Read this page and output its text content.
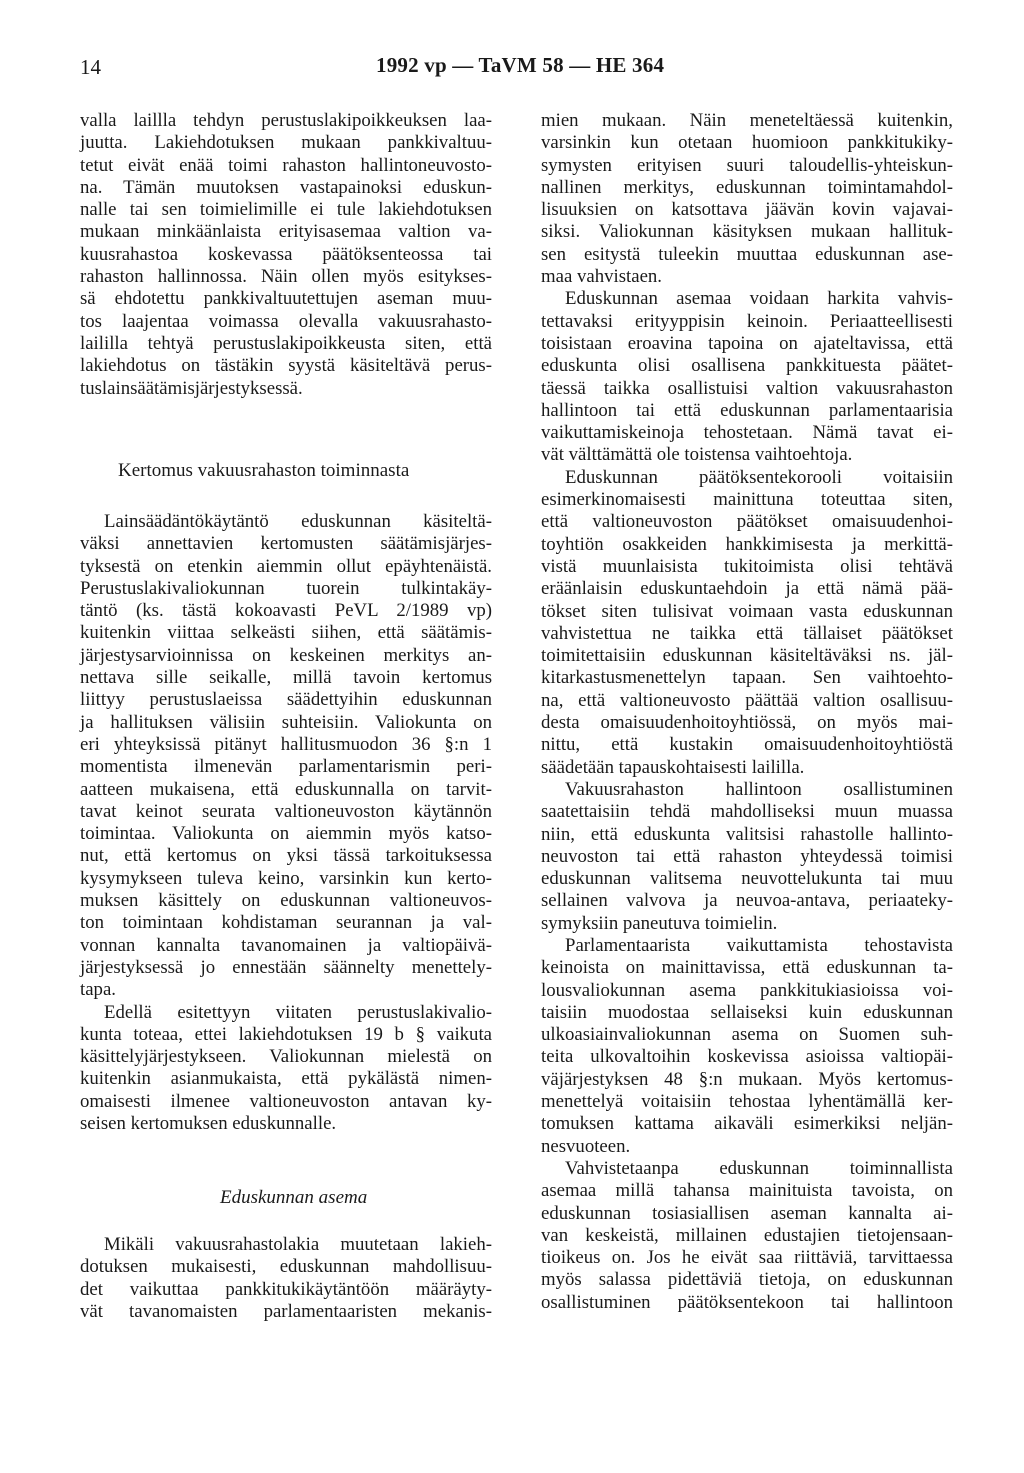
14	1992 vp — TaVM 58 — HE 364
valla laillla tehdyn perustuslakipoikkeuksen laa-
juutta. Lakiehdotuksen mukaan pankkivaltuu-
tetut eivät enää toimi rahaston hallintoneuvosto-
na. Tämän muutoksen vastapainoksi eduskun-
nalle tai sen toimielimille ei tule lakiehdotuksen
mukaan minkäänlaista erityisasemaa valtion va-
kuusrahastoa koskevassa päätöksenteossa tai
rahaston hallinnossa. Näin ollen myös esitykses-
sä ehdotettu pankkivaltuutettujen aseman muu-
tos laajentaa voimassa olevalla vakuusrahasto-
laililla tehtyä perustuslakipoikkeusta siten, että
lakiehdotus on tästäkin syystä käsiteltävä perus-
tuslainsäätämisjärjestyksessä.
Kertomus vakuusrahaston toiminnasta
Lainsäädäntökäytäntö eduskunnan käsiteltä-
väksi annettavien kertomusten säätämisjärjes-
tyksestä on etenkin aiemmin ollut epäyhtenäistä.
Perustuslakivaliokunnan tuorein tulkintakäy-
täntö (ks. tästä kokoavasti PeVL 2/1989 vp)
kuitenkin viittaa selkeästi siihen, että säätämis-
järjestysarvioinnissa on keskeinen merkitys an-
nettava sille seikalle, millä tavoin kertomus
liittyy perustuslaeissa säädettyihin eduskunnan
ja hallituksen välisiin suhteisiin. Valiokunta on
eri yhteyksissä pitänyt hallitusmuodon 36 §:n 1
momentista ilmenevän parlamentarismin peri-
aatteen mukaisena, että eduskunnalla on tarvit-
tavat keinot seurata valtioneuvoston käytännön
toimintaa. Valiokunta on aiemmin myös katso-
nut, että kertomus on yksi tässä tarkoituksessa
kysymykseen tuleva keino, varsinkin kun kerto-
muksen käsittely on eduskunnan valtioneuvos-
ton toimintaan kohdistaman seurannan ja val-
vonnan kannalta tavanomainen ja valtiopäivä-
järjestyksessä jo ennestään säännelty menettely-
tapa.
Edellä esitettyyn viitaten perustuslakivalio-
kunta toteaa, ettei lakiehdotuksen 19 b § vaikuta
käsittelyjärjestykseen. Valiokunnan mielestä on
kuitenkin asianmukaista, että pykälästä nimen-
omaisesti ilmenee valtioneuvoston antavan ky-
seisen kertomuksen eduskunnalle.
Eduskunnan asema
Mikäli vakuusrahastolakia muutetaan lakieh-
dotuksen mukaisesti, eduskunnan mahdollisuu-
det vaikuttaa pankkitukikäytäntöön määräyty-
vät tavanomaisten parlamentaaristen mekanis-
mien mukaan. Näin meneteltäessä kuitenkin,
varsinkin kun otetaan huomioon pankkitukiky-
symysten erityisen suuri taloudellis-yhteiskun-
nallinen merkitys, eduskunnan toimintamahdol-
lisuuksien on katsottava jäävän kovin vajavai-
siksi. Valiokunnan käsityksen mukaan hallituk-
sen esitystä tuleekin muuttaa eduskunnan ase-
maa vahvistaen.
Eduskunnan asemaa voidaan harkita vahvis-
tettavaksi erityyppisin keinoin. Periaatteellisesti
toisistaan eroavina tapoina on ajateltavissa, että
eduskunta olisi osallisena pankkituesta päätet-
täessä taikka osallistuisi valtion vakuusrahaston
hallintoon tai että eduskunnan parlamentaarisia
vaikuttamiskeinoja tehostetaan. Nämä tavat ei-
vät välttämättä ole toistensa vaihtoehtoja.
Eduskunnan päätöksentekorooli voitaisiin
esimerkinomaisesti mainittuna toteuttaa siten,
että valtioneuvoston päätökset omaisuudenhoi-
toyhtiön osakkeiden hankkimisesta ja merkittä-
vistä muunlaisista tukitoimista olisi tehtävä
eräänlaisin eduskuntaehdoin ja että nämä pää-
tökset siten tulisivat voimaan vasta eduskunnan
vahvistettua ne taikka että tällaiset päätökset
toimitettaisiin eduskunnan käsiteltäväksi ns. jäl-
kitarkastusmenettelyn tapaan. Sen vaihtoehto-
na, että valtioneuvosto päättää valtion osallisuu-
desta omaisuudenhoitoyhtiössä, on myös mai-
nittu, että kustakin omaisuudenhoitoyhtiöstä
säädetään tapauskohtaisesti laililla.
Vakuusrahaston hallintoon osallistuminen
saatettaisiin tehdä mahdolliseksi muun muassa
niin, että eduskunta valitsisi rahastolle hallinto-
neuvoston tai että rahaston yhteydessä toimisi
eduskunnan valitsema neuvottelukunta tai muu
sellainen valvova ja neuvoa-antava, periaateky-
symyksiin paneutuva toimielin.
Parlamentaarista vaikuttamista tehostavista
keinoista on mainittavissa, että eduskunnan ta-
lousvaliokunnan asema pankkitukiasioissa voi-
taisiin muodostaa sellaiseksi kuin eduskunnan
ulkoasiainvaliokunnan asema on Suomen suh-
teita ulkovaltoihin koskevissa asioissa valtiopäi-
väjärjestyksen 48 §:n mukaan. Myös kertomus-
menettelyä voitaisiin tehostaa lyhentämällä ker-
tomuksen kattama aikaväli esimerkiksi neljän-
nesvuoteen.
Vahvistetaanpa eduskunnan toiminnallista
asemaa millä tahansa mainituista tavoista, on
eduskunnan tosiasiallisen aseman kannalta ai-
van keskeistä, millainen edustajien tietojensaan-
tioikeus on. Jos he eivät saa riittäviä, tarvittaessa
myös salassa pidettäviä tietoja, on eduskunnan
osallistuminen päätöksentekoon tai hallintoon
